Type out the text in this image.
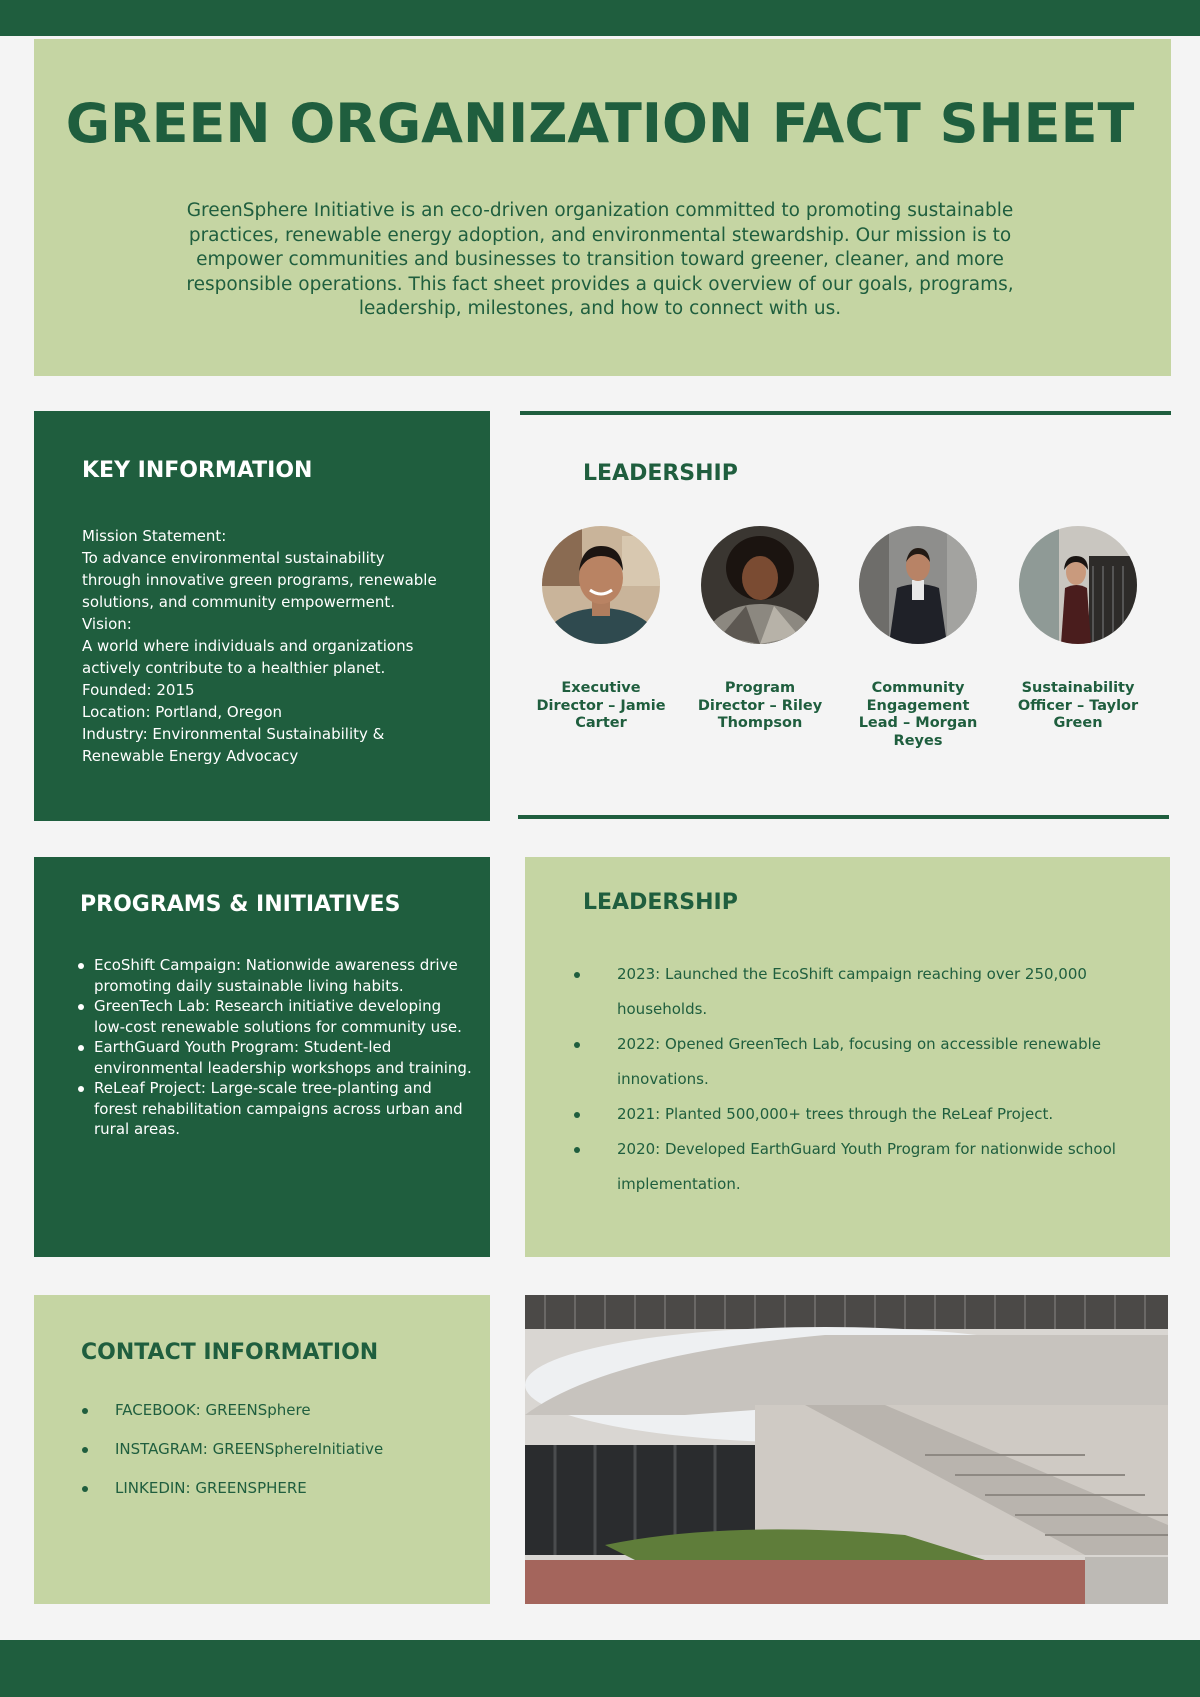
GREEN ORGANIZATION FACT SHEET
GreenSphere Initiative is an eco-driven organization committed to promoting sustainable
practices, renewable energy adoption, and environmental stewardship. Our mission is to
empower communities and businesses to transition toward greener, cleaner, and more
responsible operations. This fact sheet provides a quick overview of our goals, programs,
leadership, milestones, and how to connect with us.
KEY INFORMATION
Mission Statement:
To advance environmental sustainability
through innovative green programs, renewable
solutions, and community empowerment.
Vision:
A world where individuals and organizations
actively contribute to a healthier planet.
Founded: 2015
Location: Portland, Oregon
Industry: Environmental Sustainability &
Renewable Energy Advocacy
LEADERSHIP
Executive Director – Jamie Carter
Program Director – Riley Thompson
Community Engagement Lead – Morgan Reyes
Sustainability Officer – Taylor Green
PROGRAMS & INITIATIVES
EcoShift Campaign: Nationwide awareness drive promoting daily sustainable living habits.
GreenTech Lab: Research initiative developing low-cost renewable solutions for community use.
EarthGuard Youth Program: Student-led environmental leadership workshops and training.
ReLeaf Project: Large-scale tree-planting and forest rehabilitation campaigns across urban and rural areas.
LEADERSHIP
2023: Launched the EcoShift campaign reaching over 250,000 households.
2022: Opened GreenTech Lab, focusing on accessible renewable innovations.
2021: Planted 500,000+ trees through the ReLeaf Project.
2020: Developed EarthGuard Youth Program for nationwide school implementation.
CONTACT INFORMATION
FACEBOOK: GREENSphere
INSTAGRAM: GREENSphereInitiative
LINKEDIN: GREENSPHERE
